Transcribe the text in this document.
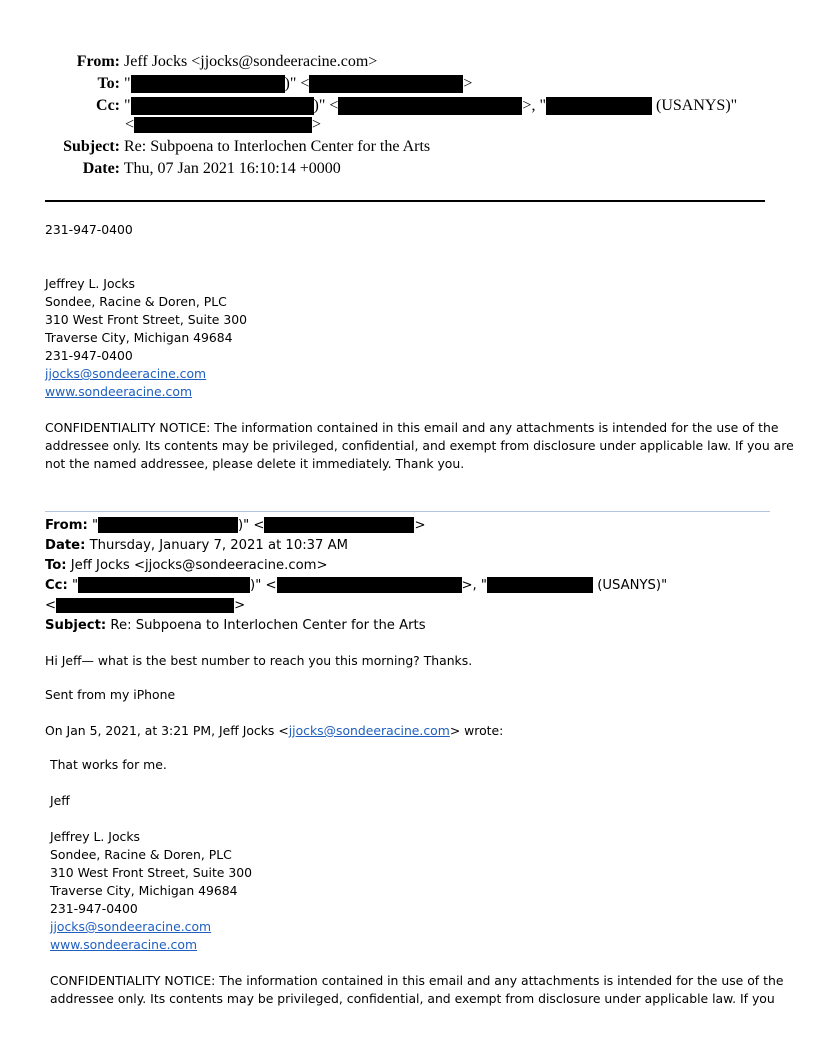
From: Jeff Jocks <jjocks@sondeeracine.com>
To: "	)" <	>
Cc: "	)" <	>, "	(USANYS)"
<	>
Subject: Re: Subpoena to Interlochen Center for the Arts
Date: Thu, 07 Jan 2021 16:10:14 +0000
231-947-0400
Jeffrey L. Jocks
Sondee, Racine & Doren, PLC
310 West Front Street, Suite 300
Traverse City, Michigan 49684
231-947-0400
jjocks@sondeeracine.com
www.sondeeracine.com
CONFIDENTIALITY NOTICE: The information contained in this email and any attachments is intended for the use of the
addressee only. Its contents may be privileged, confidential, and exempt from disclosure under applicable law. If you are
not the named addressee, please delete it immediately. Thank you.
From: "	)" <	>
Date: Thursday, January 7, 2021 at 10:37 AM
To: Jeff Jocks <jjocks@sondeeracine.com>
Cc: "	)" <	>, "	(USANYS)"
<	>
Subject: Re: Subpoena to Interlochen Center for the Arts
Hi Jeff— what is the best number to reach you this morning? Thanks.
Sent from my iPhone
On Jan 5, 2021, at 3:21 PM, Jeff Jocks <jjocks@sondeeracine.com> wrote:
That works for me.
Jeff
Jeffrey L. Jocks
Sondee, Racine & Doren, PLC
310 West Front Street, Suite 300
Traverse City, Michigan 49684
231-947-0400
jjocks@sondeeracine.com
www.sondeeracine.com
CONFIDENTIALITY NOTICE: The information contained in this email and any attachments is intended for the use of the
addressee only. Its contents may be privileged, confidential, and exempt from disclosure under applicable law. If you
